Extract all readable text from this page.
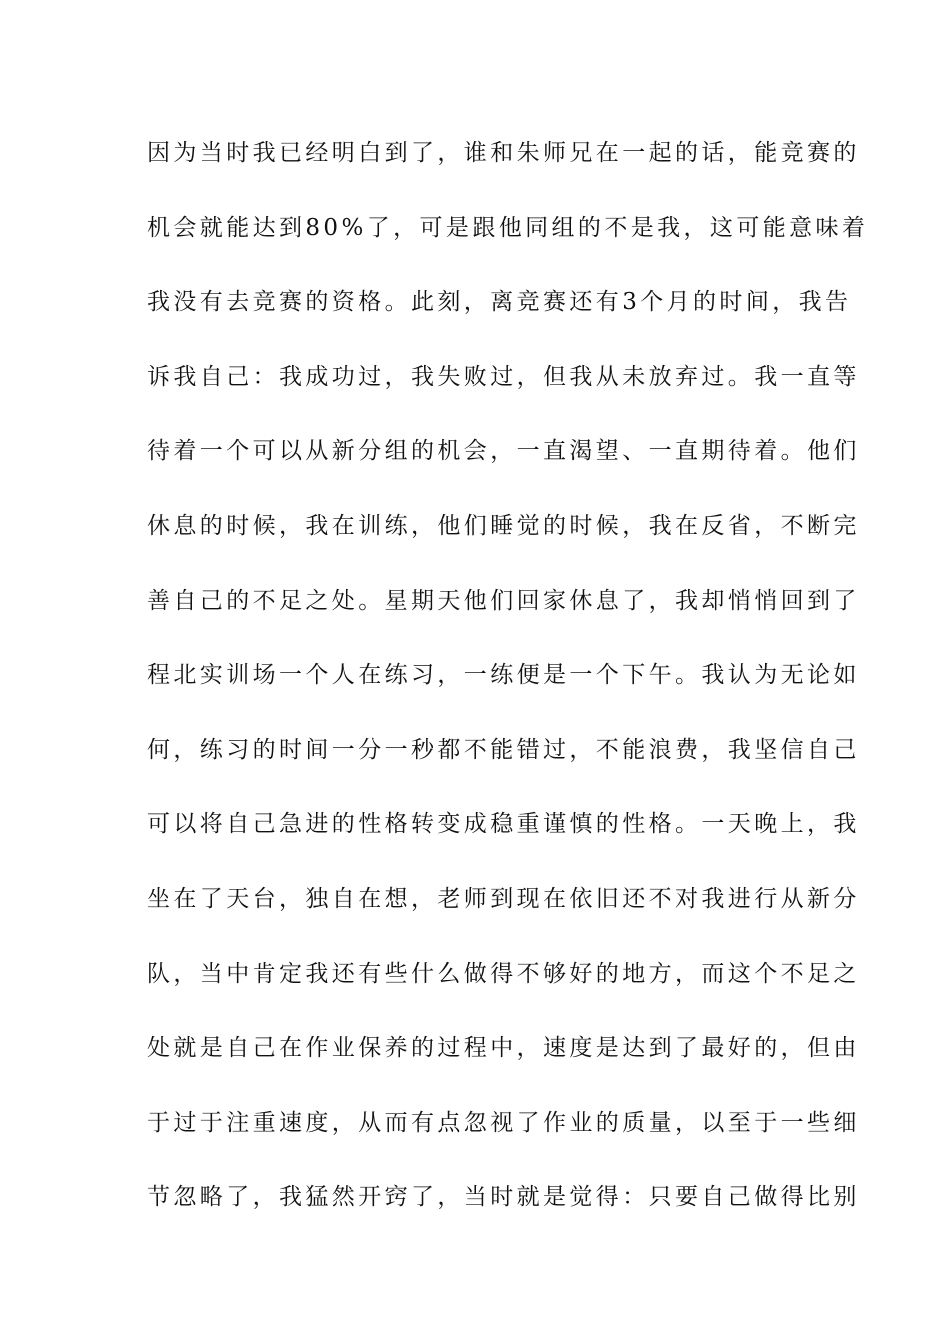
因为当时我已经明白到了，谁和朱师兄在一起的话，能竞赛的
机会就能达到80%了，可是跟他同组的不是我，这可能意味着
我没有去竞赛的资格。此刻，离竞赛还有3个月的时间，我告
诉我自己：我成功过，我失败过，但我从未放弃过。我一直等
待着一个可以从新分组的机会，一直渴望、一直期待着。他们
休息的时候，我在训练，他们睡觉的时候，我在反省，不断完
善自己的不足之处。星期天他们回家休息了，我却悄悄回到了
程北实训场一个人在练习，一练便是一个下午。我认为无论如
何，练习的时间一分一秒都不能错过，不能浪费，我坚信自己
可以将自己急进的性格转变成稳重谨慎的性格。一天晚上，我
坐在了天台，独自在想，老师到现在依旧还不对我进行从新分
队，当中肯定我还有些什么做得不够好的地方，而这个不足之
处就是自己在作业保养的过程中，速度是达到了最好的，但由
于过于注重速度，从而有点忽视了作业的质量，以至于一些细
节忽略了，我猛然开窍了，当时就是觉得：只要自己做得比别
